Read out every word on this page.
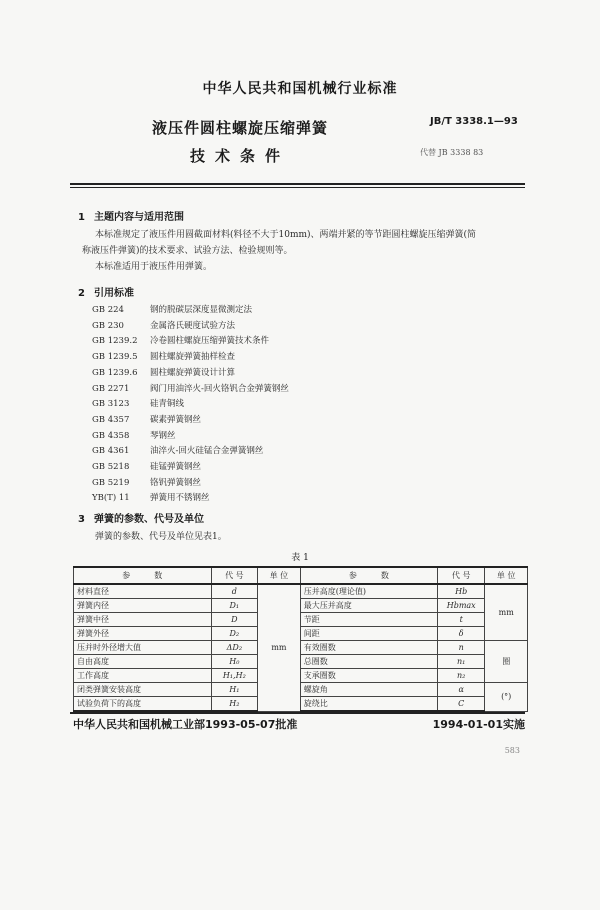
中华人民共和国机械行业标准
液压件圆柱螺旋压缩弹簧
技术条件
JB/T 3338.1—93
代替 JB 3338 83
1 主题内容与适用范围
本标准规定了液压件用圆截面材料(料径不大于10mm)、两端并紧的等节距圆柱螺旋压缩弹簧(简
称液压件弹簧)的技术要求、试验方法、检验规则等。
本标准适用于液压件用弹簧。
2 引用标准
GB 224	钢的脱碳层深度显微测定法
GB 230	金属洛氏硬度试验方法
GB 1239.2 冷卷圆柱螺旋压缩弹簧技术条件
GB 1239.5 圆柱螺旋弹簧抽样检查
GB 1239.6 圆柱螺旋弹簧设计计算
GB 2271 阀门用油淬火-回火铬钒合金弹簧钢丝
GB 3123 硅青铜线
GB 4357 碳素弹簧钢丝
GB 4358 琴钢丝
GB 4361 油淬火-回火硅锰合金弹簧钢丝
GB 5218 硅锰弹簧钢丝
GB 5219 铬钒弹簧钢丝
YB(T) 11 弹簧用不锈钢丝
3 弹簧的参数、代号及单位
弹簧的参数、代号及单位见表1。
表 1
参　　　数	代 号	单 位	参　　　数	代 号	单 位
材料直径	d	mm	压并高度(理论值)	Hb	mm
弹簧内径	D₁		最大压并高度	Hbmax	
弹簧中径	D		节距	t	
弹簧外径	D₂		间距	δ	
压并时外径增大值	ΔD₂		有效圈数	n	圈
自由高度	H₀		总圈数	n₁	
工作高度	H₁,H₂		支承圈数	n₂	
闭类弹簧安装高度	H₁		螺旋角	α	(°)
试验负荷下的高度	H₂		旋绕比	C	
中华人民共和国机械工业部1993-05-07批准	1994-01-01实施
583
